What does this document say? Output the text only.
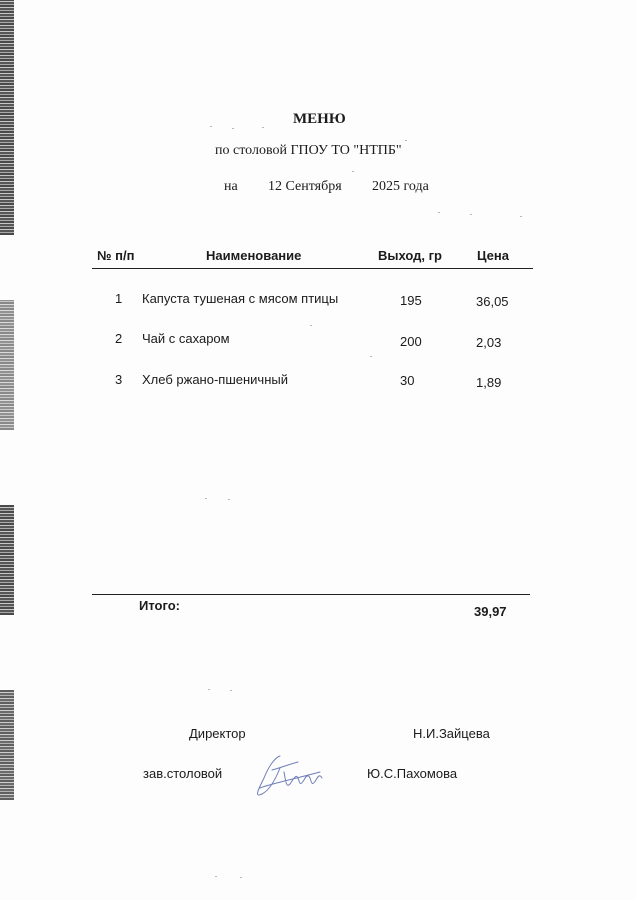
МЕНЮ
по столовой ГПОУ ТО "НТПБ"
на 12 Сентября 2025 года
№ п/п	Наименование	Выход, гр	Цена
1 Капуста тушеная с мясом птицы	195	36,05
2 Чай с сахаром	200	2,03
3 Хлеб ржано-пшеничный	30	1,89
Итого:	39,97
Директор	Н.И.Зайцева
зав.столовой	Ю.С.Пахомова
